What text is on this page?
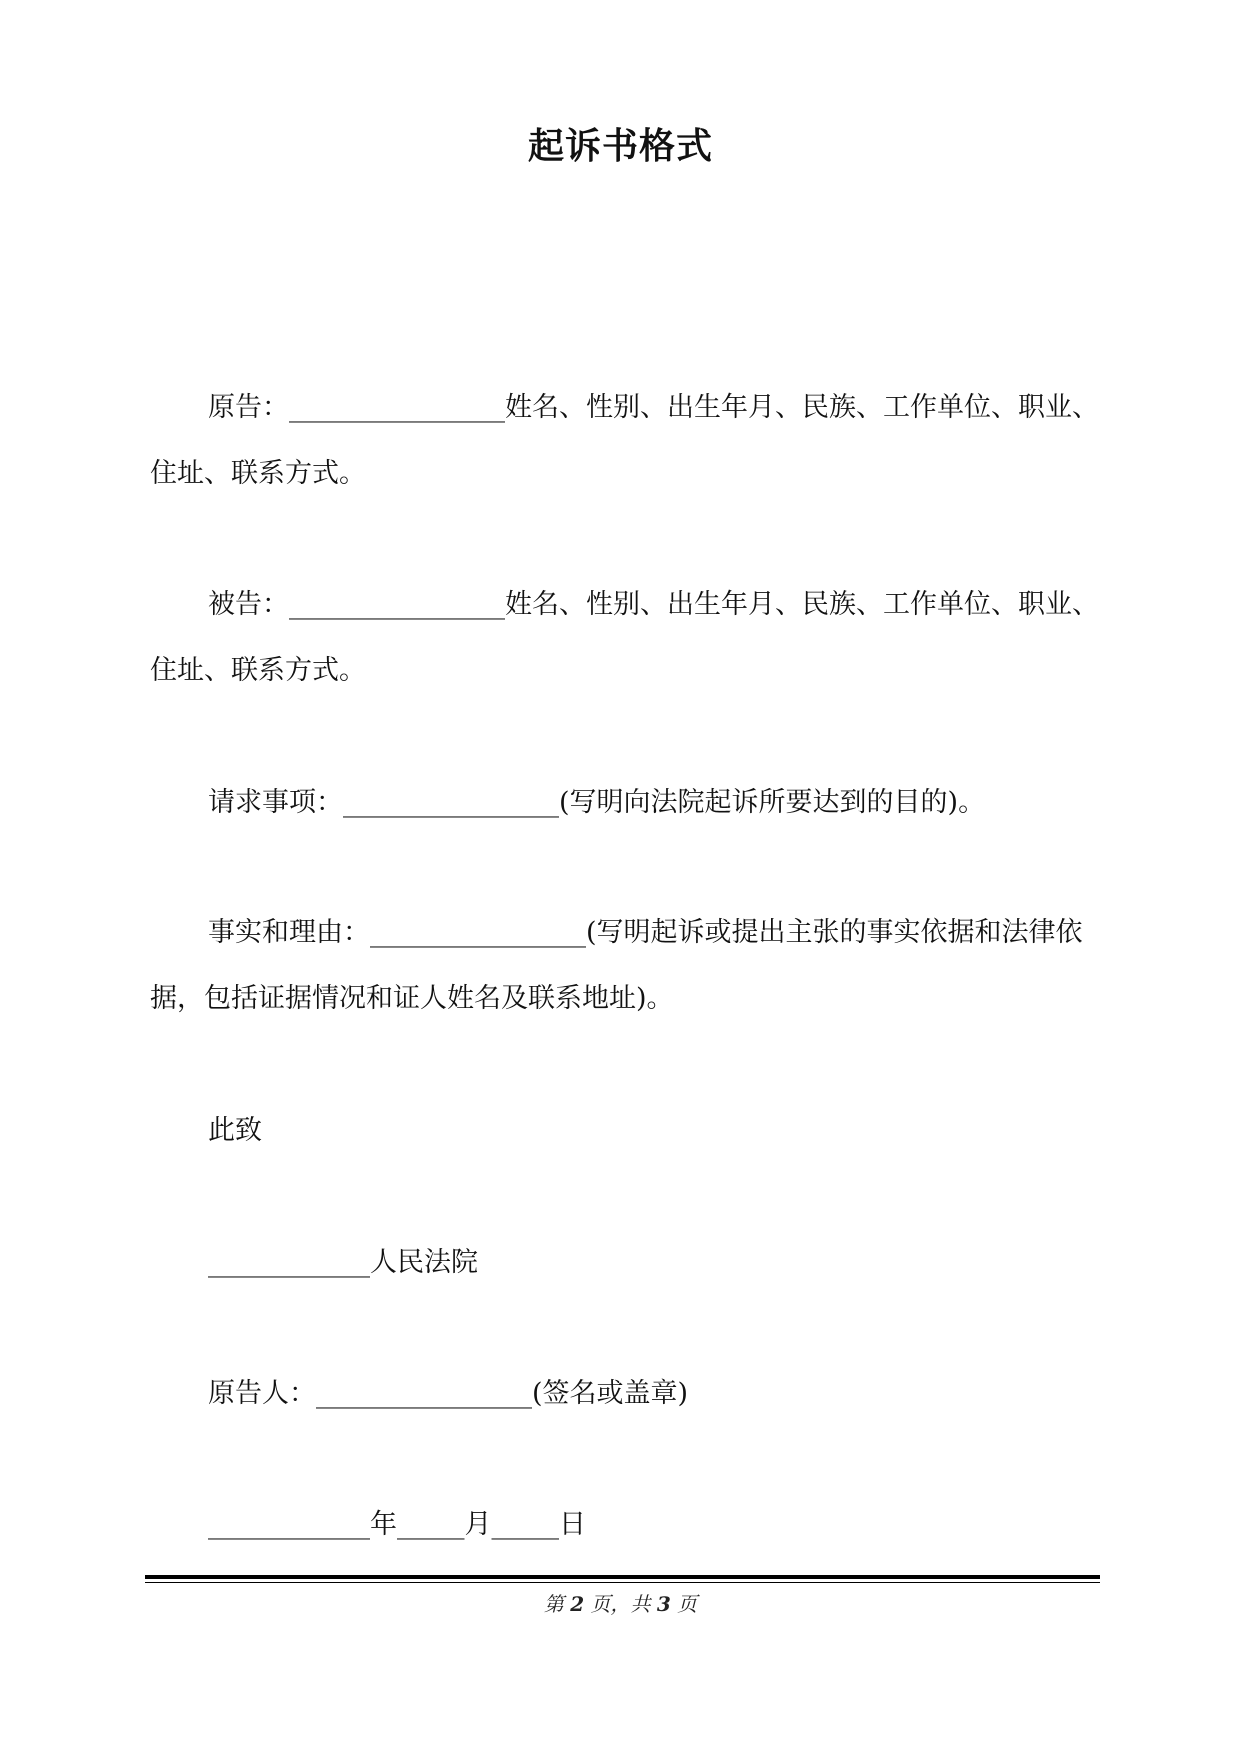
起诉书格式

原告：________________姓名、性别、出生年月、民族、工作单位、职业、住址、联系方式。

被告：________________姓名、性别、出生年月、民族、工作单位、职业、住址、联系方式。

请求事项：________________(写明向法院起诉所要达到的目的)。

事实和理由：________________(写明起诉或提出主张的事实依据和法律依据，包括证据情况和证人姓名及联系地址)。

此致

____________人民法院

原告人：________________(签名或盖章)

____________年_____月_____日

第 2 页，共 3 页
